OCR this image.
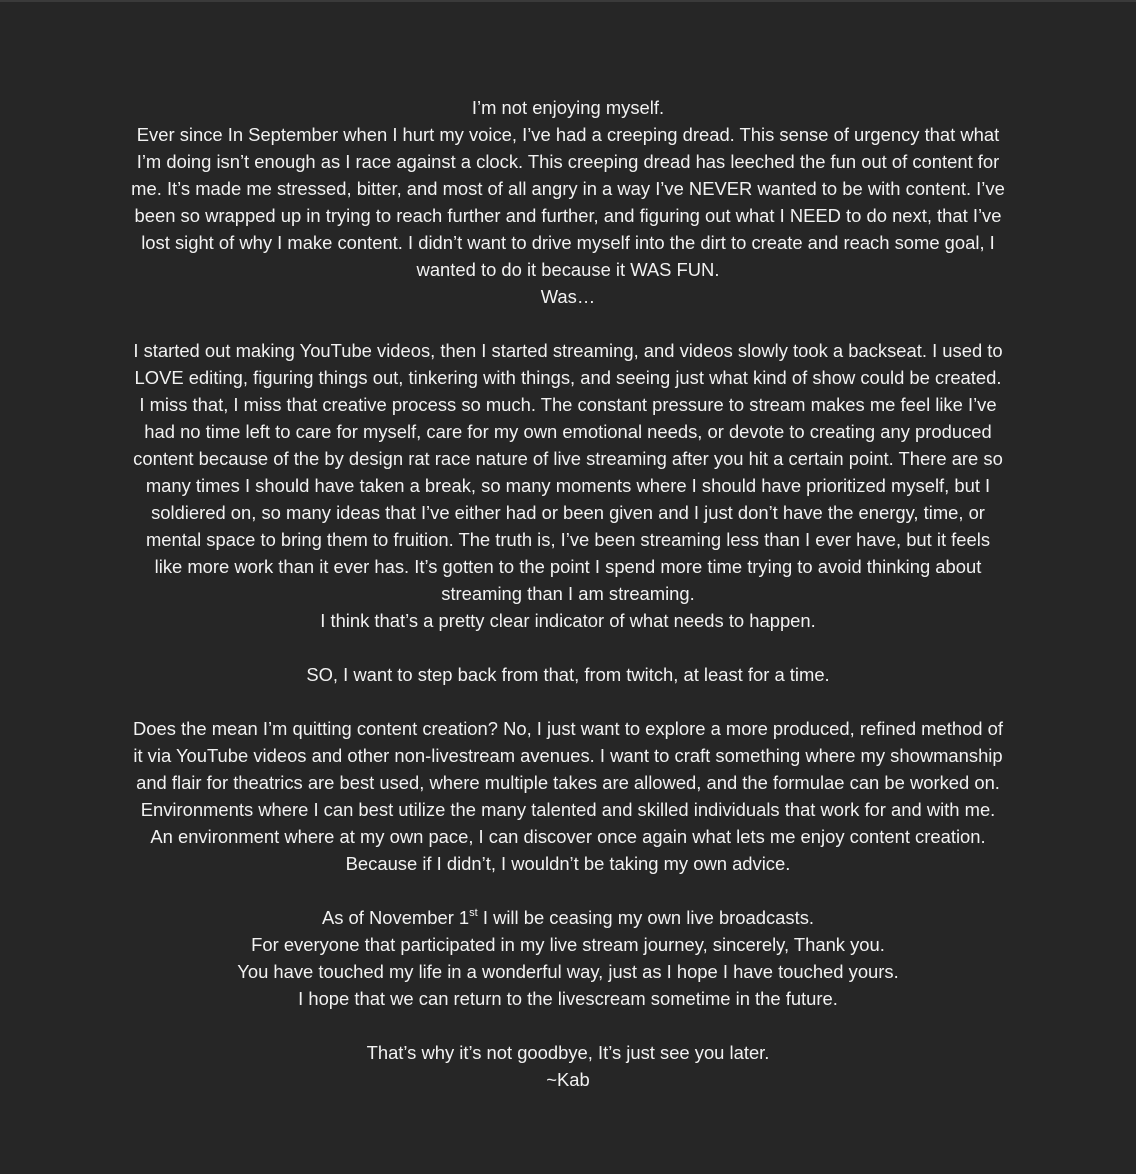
I’m not enjoying myself.

Ever since In September when I hurt my voice, I’ve had a creeping dread. This sense of urgency that what I’m doing isn’t enough as I race against a clock. This creeping dread has leeched the fun out of content for me. It’s made me stressed, bitter, and most of all angry in a way I’ve NEVER wanted to be with content. I’ve been so wrapped up in trying to reach further and further, and figuring out what I NEED to do next, that I’ve lost sight of why I make content. I didn’t want to drive myself into the dirt to create and reach some goal, I wanted to do it because it WAS FUN.

Was…

I started out making YouTube videos, then I started streaming, and videos slowly took a backseat. I used to LOVE editing, figuring things out, tinkering with things, and seeing just what kind of show could be created. I miss that, I miss that creative process so much. The constant pressure to stream makes me feel like I’ve had no time left to care for myself, care for my own emotional needs, or devote to creating any produced content because of the by design rat race nature of live streaming after you hit a certain point. There are so many times I should have taken a break, so many moments where I should have prioritized myself, but I soldiered on, so many ideas that I’ve either had or been given and I just don’t have the energy, time, or mental space to bring them to fruition. The truth is, I’ve been streaming less than I ever have, but it feels like more work than it ever has. It’s gotten to the point I spend more time trying to avoid thinking about streaming than I am streaming.

I think that’s a pretty clear indicator of what needs to happen.

SO, I want to step back from that, from twitch, at least for a time.

Does the mean I’m quitting content creation? No, I just want to explore a more produced, refined method of it via YouTube videos and other non-livestream avenues. I want to craft something where my showmanship and flair for theatrics are best used, where multiple takes are allowed, and the formulae can be worked on. Environments where I can best utilize the many talented and skilled individuals that work for and with me. An environment where at my own pace, I can discover once again what lets me enjoy content creation.

Because if I didn’t, I wouldn’t be taking my own advice.

As of November 1st I will be ceasing my own live broadcasts.

For everyone that participated in my live stream journey, sincerely, Thank you.

You have touched my life in a wonderful way, just as I hope I have touched yours.

I hope that we can return to the livescream sometime in the future.

That’s why it’s not goodbye, It’s just see you later.

~Kab
